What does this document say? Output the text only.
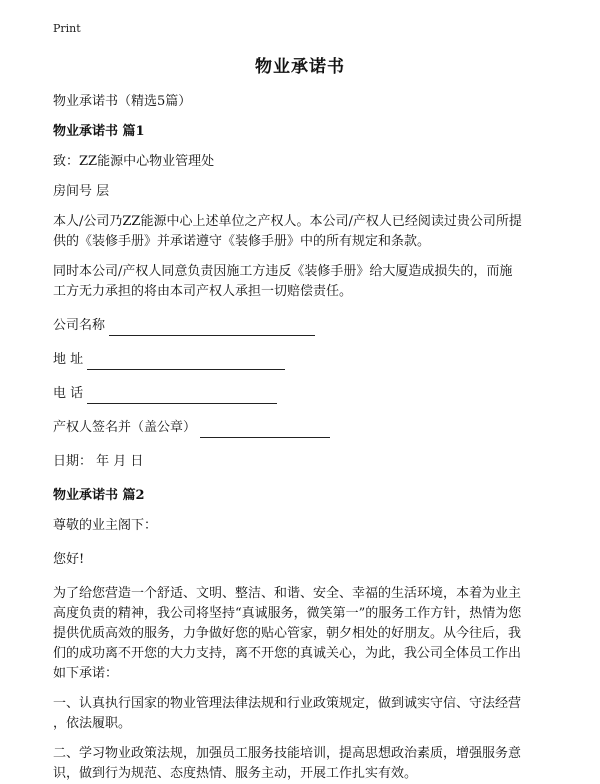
Print
物业承诺书

物业承诺书（精选5篇）

物业承诺书 篇1

致：ZZ能源中心物业管理处

房间号 层

本人/公司乃ZZ能源中心上述单位之产权人。本公司/产权人已经阅读过贵公司所提

供的《装修手册》并承诺遵守《装修手册》中的所有规定和条款。

同时本公司/产权人同意负责因施工方违反《装修手册》给大厦造成损失的，而施

工方无力承担的将由本司产权人承担一切赔偿责任。

公司名称
地 址
电 话
产权人签名并（盖公章）

日期： 年 月 日

物业承诺书 篇2

尊敬的业主阁下：

您好!

为了给您营造一个舒适、文明、整洁、和谐、安全、幸福的生活环境，本着为业主

高度负责的精神，我公司将坚持“真诚服务，微笑第一”的服务工作方针，热情为您

提供优质高效的服务，力争做好您的贴心管家，朝夕相处的好朋友。从今往后，我

们的成功离不开您的大力支持，离不开您的真诚关心，为此，我公司全体员工作出

如下承诺：

一、认真执行国家的物业管理法律法规和行业政策规定，做到诚实守信、守法经营

，依法履职。

二、学习物业政策法规，加强员工服务技能培训，提高思想政治素质，增强服务意

识，做到行为规范、态度热情、服务主动，开展工作扎实有效。
